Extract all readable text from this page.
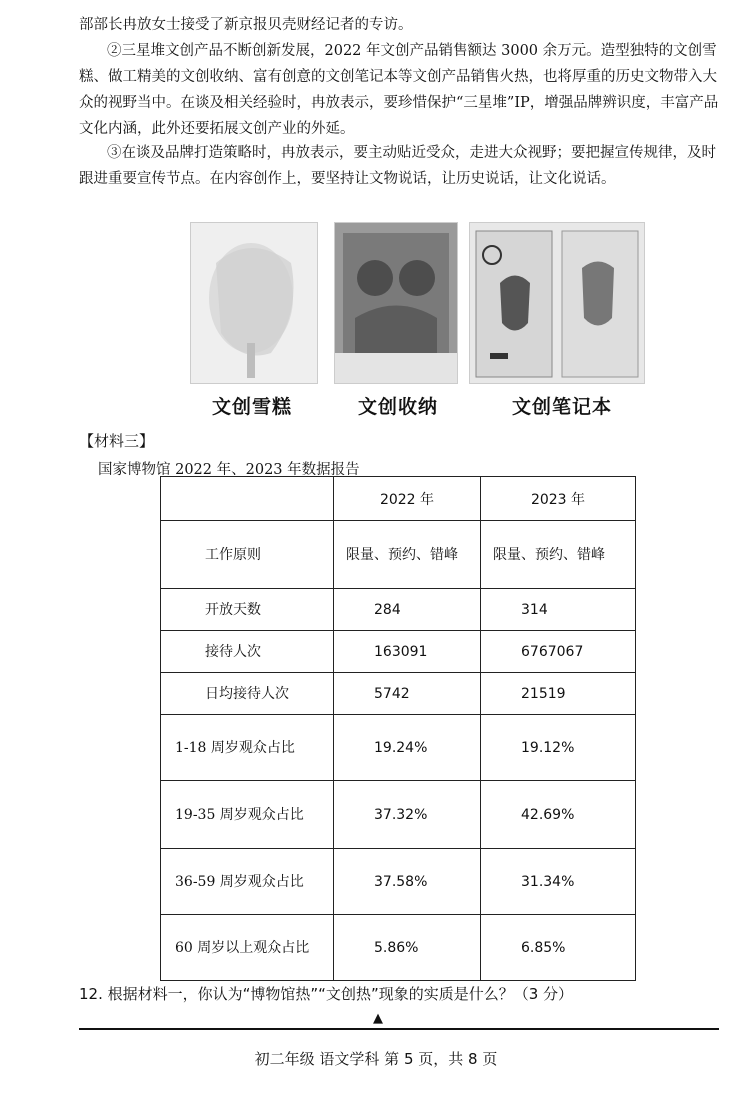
部部长冉放女士接受了新京报贝壳财经记者的专访。

②三星堆文创产品不断创新发展，2022 年文创产品销售额达 3000 余万元。造型独特的文创雪糕、做工精美的文创收纳、富有创意的文创笔记本等文创产品销售火热，也将厚重的历史文物带入大众的视野当中。在谈及相关经验时，冉放表示，要珍惜保护“三星堆”IP，增强品牌辨识度，丰富产品文化内涵，此外还要拓展文创产业的外延。

③在谈及品牌打造策略时，冉放表示，要主动贴近受众，走进大众视野；要把握宣传规律，及时跟进重要宣传节点。在内容创作上，要坚持让文物说话，让历史说话，让文化说话。

文创雪糕	文创收纳	文创笔记本
【材料三】
国家博物馆 2022 年、2023 年数据报告
	2022 年	2023 年
工作原则	限量、预约、错峰	限量、预约、错峰
开放天数	284	314
接待人次	163091	6767067
日均接待人次	5742	21519
1-18 周岁观众占比	19.24%	19.12%
19-35 周岁观众占比	37.32%	42.69%
36-59 周岁观众占比	37.58%	31.34%
60 周岁以上观众占比	5.86%	6.85%
12. 根据材料一，你认为“博物馆热”“文创热”现象的实质是什么？（3 分）
▲
初二年级 语文学科 第 5 页，共 8 页
